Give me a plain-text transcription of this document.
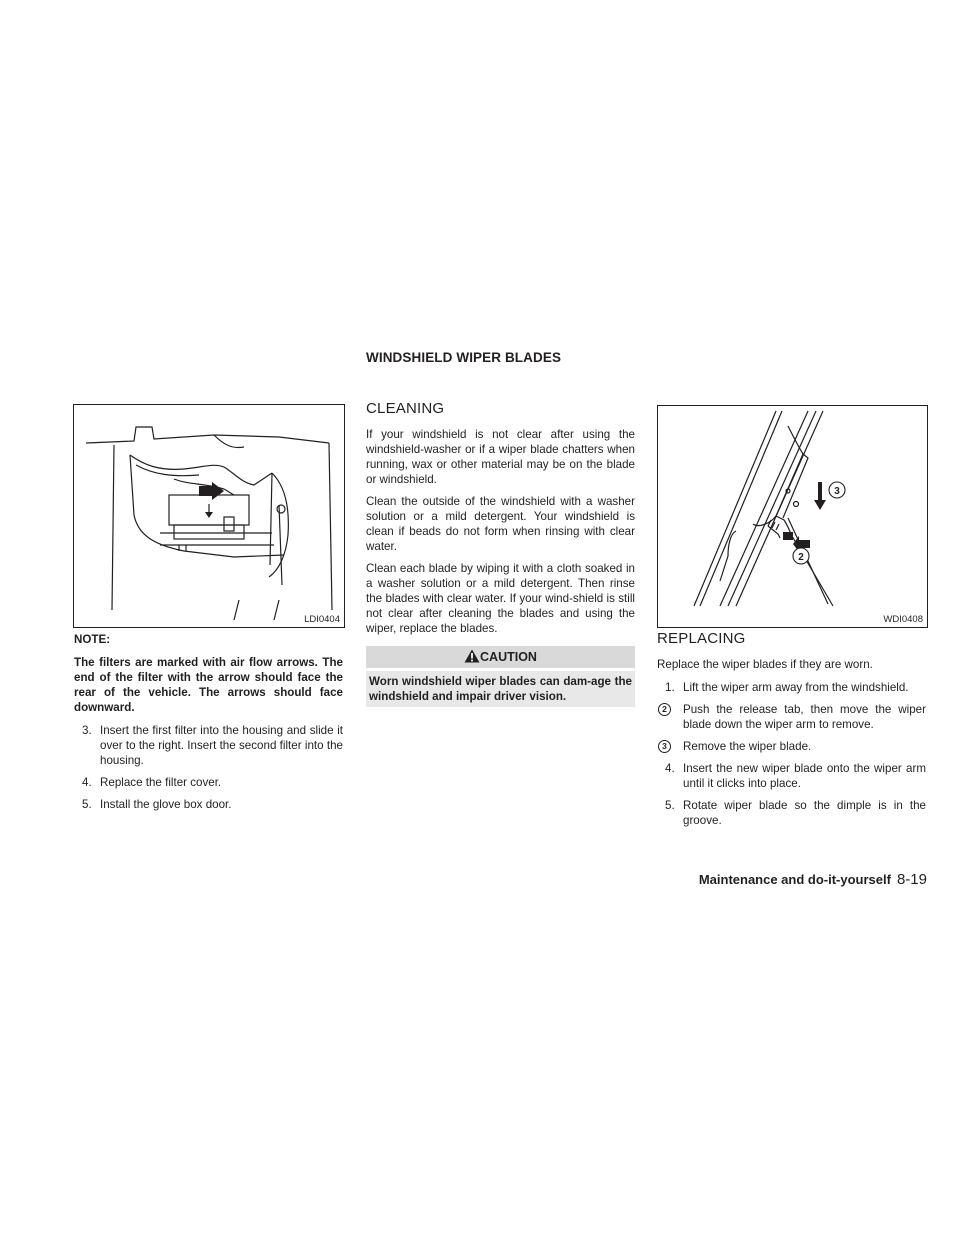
WINDSHIELD WIPER BLADES
LDI0404

NOTE:

The filters are marked with air flow arrows. The end of the filter with the arrow should face the rear of the vehicle. The arrows should face downward.

3. Insert the first filter into the housing and slide it over to the right. Insert the second filter into the housing.
4. Replace the filter cover.
5. Install the glove box door.
CLEANING

If your windshield is not clear after using the windshield-washer or if a wiper blade chatters when running, wax or other material may be on the blade or windshield.

Clean the outside of the windshield with a washer solution or a mild detergent. Your windshield is clean if beads do not form when rinsing with clear water.

Clean each blade by wiping it with a cloth soaked in a washer solution or a mild detergent. Then rinse the blades with clear water. If your wind-shield is still not clear after cleaning the blades and using the wiper, replace the blades.

CAUTION
Worn windshield wiper blades can dam-age the windshield and impair driver vision.
3
2
WDI0408
REPLACING

Replace the wiper blades if they are worn.

1. Lift the wiper arm away from the windshield.
2	Push the release tab, then move the wiper blade down the wiper arm to remove.
3	Remove the wiper blade.
4. Insert the new wiper blade onto the wiper arm until it clicks into place.
5. Rotate wiper blade so the dimple is in the groove.
Maintenance and do-it-yourself 8-19
